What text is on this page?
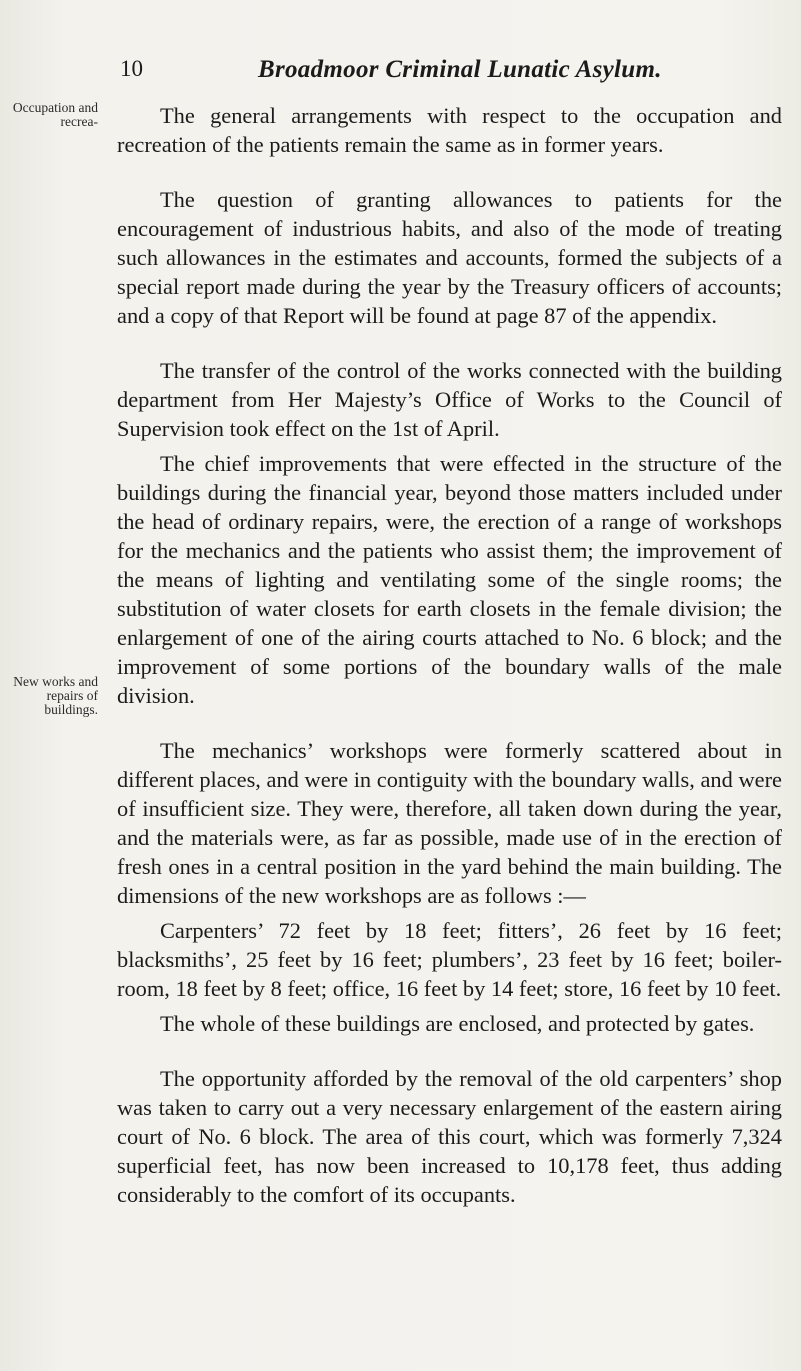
10	Broadmoor Criminal Lunatic Asylum.
Occupation and recrea-
New works and repairs of buildings.

The general arrangements with respect to the occupation and recreation of the patients remain the same as in former years.

The question of granting allowances to patients for the encouragement of industrious habits, and also of the mode of treating such allowances in the estimates and accounts, formed the subjects of a special report made during the year by the Treasury officers of accounts; and a copy of that Report will be found at page 87 of the appendix.

The transfer of the control of the works connected with the building department from Her Majesty’s Office of Works to the Council of Supervision took effect on the 1st of April.

The chief improvements that were effected in the structure of the buildings during the financial year, beyond those matters included under the head of ordinary repairs, were, the erection of a range of workshops for the mechanics and the patients who assist them; the improvement of the means of lighting and ventilating some of the single rooms; the substitution of water closets for earth closets in the female division; the enlargement of one of the airing courts attached to No. 6 block; and the improvement of some portions of the boundary walls of the male division.

The mechanics’ workshops were formerly scattered about in different places, and were in contiguity with the boundary walls, and were of insufficient size. They were, therefore, all taken down during the year, and the materials were, as far as possible, made use of in the erection of fresh ones in a central position in the yard behind the main building. The dimensions of the new workshops are as follows :—

Carpenters’ 72 feet by 18 feet; fitters’, 26 feet by 16 feet; blacksmiths’, 25 feet by 16 feet; plumbers’, 23 feet by 16 feet; boiler-room, 18 feet by 8 feet; office, 16 feet by 14 feet; store, 16 feet by 10 feet.

The whole of these buildings are enclosed, and protected by gates.

The opportunity afforded by the removal of the old carpenters’ shop was taken to carry out a very necessary enlargement of the eastern airing court of No. 6 block. The area of this court, which was formerly 7,324 superficial feet, has now been increased to 10,178 feet, thus adding considerably to the comfort of its occupants.
